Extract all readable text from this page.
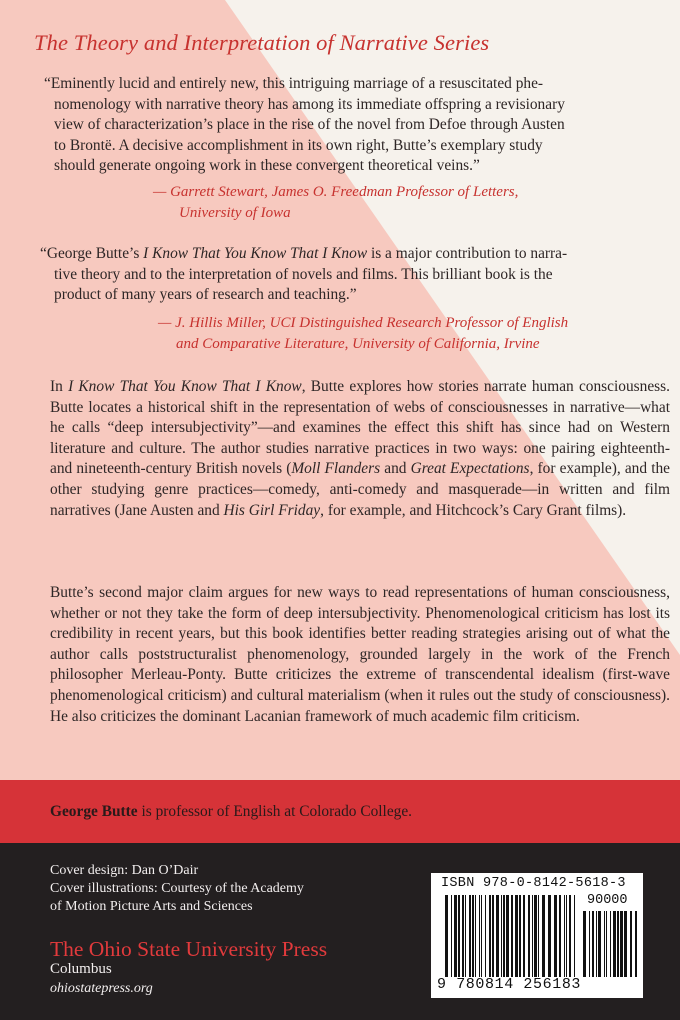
The Theory and Interpretation of Narrative Series

“Eminently lucid and entirely new, this intriguing marriage of a resuscitated phe-

nomenology with narrative theory has among its immediate offspring a revisionary

view of characterization’s place in the rise of the novel from Defoe through Austen

to Brontë. A decisive accomplishment in its own right, Butte’s exemplary study

should generate ongoing work in these convergent theoretical veins.”

— Garrett Stewart, James O. Freedman Professor of Letters,

University of Iowa

“George Butte’s I Know That You Know That I Know is a major contribution to narra-

tive theory and to the interpretation of novels and films. This brilliant book is the

product of many years of research and teaching.”

— J. Hillis Miller, UCI Distinguished Research Professor of English

and Comparative Literature, University of California, Irvine

In I Know That You Know That I Know, Butte explores how stories narrate human consciousness. Butte locates a historical shift in the representation of webs of consciousnesses in narrative—what he calls “deep intersubjectivity”—and examines the effect this shift has since had on Western literature and culture. The author studies narrative practices in two ways: one pairing eighteenth- and nineteenth-century British novels (Moll Flanders and Great Expectations, for example), and the other studying genre practices—comedy, anti-comedy and masquerade—in written and film narratives (Jane Austen and His Girl Friday, for example, and Hitchcock’s Cary Grant films).

Butte’s second major claim argues for new ways to read representations of human consciousness, whether or not they take the form of deep intersubjectivity. Phenomenological criticism has lost its credibility in recent years, but this book identifies better reading strategies arising out of what the author calls poststructuralist phenomenology, grounded largely in the work of the French philosopher Merleau-Ponty. Butte criticizes the extreme of transcendental idealism (first-wave phenomenological criticism) and cultural materialism (when it rules out the study of consciousness). He also criticizes the dominant Lacanian framework of much academic film criticism.

George Butte is professor of English at Colorado College.
Cover design: Dan O’Dair
Cover illustrations: Courtesy of the Academy
of Motion Picture Arts and Sciences
The Ohio State University Press
Columbus
ohiostatepress.org
ISBN 978-0-8142-5618-3
90000
9 780814 256183
